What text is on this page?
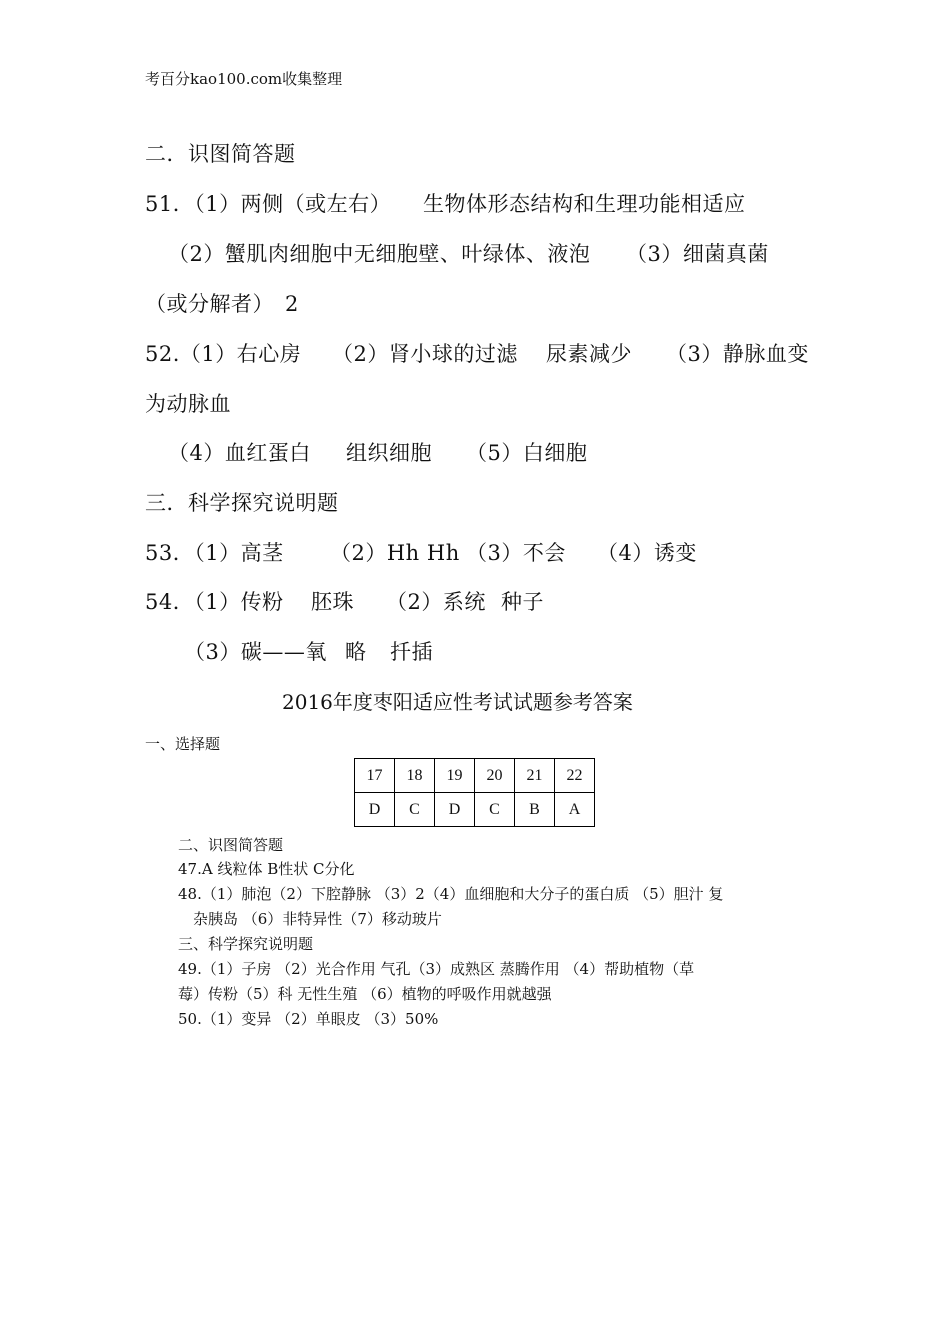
考百分kao100.com收集整理
二．识图简答题
51．（1）两侧（或左右） 生物体形态结构和生理功能相适应
（2）蟹肌肉细胞中无细胞壁、叶绿体、液泡 （3）细菌真菌
（或分解者）　2
52.（1）右心房 （2）肾小球的过滤 尿素减少 （3）静脉血变
为动脉血
（4）血红蛋白 组织细胞 （5）白细胞
三．科学探究说明题
53．（1）高茎 （2）Hh Hh （3）不会 （4）诱变
54．（1）传粉 胚珠 （2）系统 种子
（3）碳——氧 略 扦插
2016年度枣阳适应性考试试题参考答案
一、选择题
17	18	19	20	21	22
D	C	D	C	B	A
二、识图简答题
47.A 线粒体 B性状 C分化
48.（1）肺泡（2）下腔静脉 （3）2（4）血细胞和大分子的蛋白质 （5）胆汁 复
杂胰岛 （6）非特异性（7）移动玻片
三、科学探究说明题
49.（1）子房 （2）光合作用 气孔（3）成熟区 蒸腾作用 （4）帮助植物（草
莓）传粉（5）科 无性生殖 （6）植物的呼吸作用就越强
50.（1）变异 （2）单眼皮 （3）50%
